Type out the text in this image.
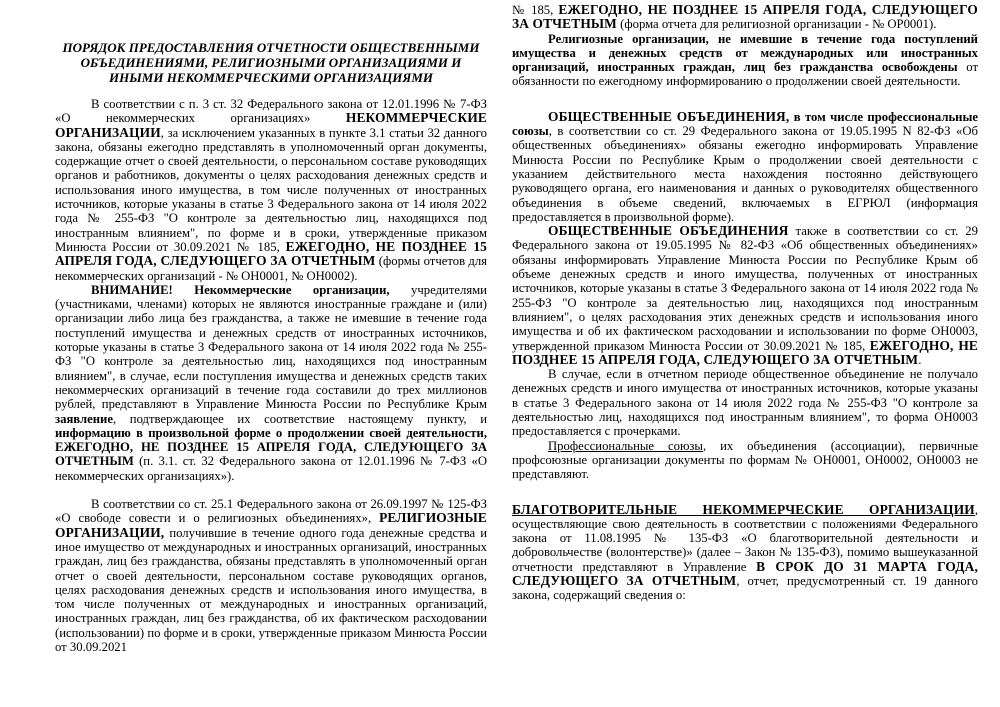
ПОРЯДОК ПРЕДОСТАВЛЕНИЯ ОТЧЕТНОСТИ ОБЩЕСТВЕННЫМИ ОБЪЕДИНЕНИЯМИ, РЕЛИГИОЗНЫМИ ОРГАНИЗАЦИЯМИ И ИНЫМИ НЕКОММЕРЧЕСКИМИ ОРГАНИЗАЦИЯМИ

В соответствии с п. 3 ст. 32 Федерального закона от 12.01.1996 № 7-ФЗ «О некоммерческих организациях» НЕКОММЕРЧЕСКИЕ ОРГАНИЗАЦИИ, за исключением указанных в пункте 3.1 статьи 32 данного закона, обязаны ежегодно представлять в уполномоченный орган документы, содержащие отчет о своей деятельности, о персональном составе руководящих органов и работников, документы о целях расходования денежных средств и использования иного имущества, в том числе полученных от иностранных источников, которые указаны в статье 3 Федерального закона от 14 июля 2022 года № 255-ФЗ "О контроле за деятельностью лиц, находящихся под иностранным влиянием", по форме и в сроки, утвержденные приказом Минюста России от 30.09.2021 № 185, ЕЖЕГОДНО, НЕ ПОЗДНЕЕ 15 АПРЕЛЯ ГОДА, СЛЕДУЮЩЕГО ЗА ОТЧЕТНЫМ (формы отчетов для некоммерческих организаций - № ОН0001, № ОН0002).

ВНИМАНИЕ! Некоммерческие организации, учредителями (участниками, членами) которых не являются иностранные граждане и (или) организации либо лица без гражданства, а также не имевшие в течение года поступлений имущества и денежных средств от иностранных источников, которые указаны в статье 3 Федерального закона от 14 июля 2022 года № 255-ФЗ "О контроле за деятельностью лиц, находящихся под иностранным влиянием", в случае, если поступления имущества и денежных средств таких некоммерческих организаций в течение года составили до трех миллионов рублей, представляют в Управление Минюста России по Республике Крым заявление, подтверждающее их соответствие настоящему пункту, и информацию в произвольной форме о продолжении своей деятельности, ЕЖЕГОДНО, НЕ ПОЗДНЕЕ 15 АПРЕЛЯ ГОДА, СЛЕДУЮЩЕГО ЗА ОТЧЕТНЫМ (п. 3.1. ст. 32 Федерального закона от 12.01.1996 № 7-ФЗ «О некоммерческих организациях»).

В соответствии со ст. 25.1 Федерального закона от 26.09.1997 № 125-ФЗ «О свободе совести и о религиозных объединениях», РЕЛИГИОЗНЫЕ ОРГАНИЗАЦИИ, получившие в течение одного года денежные средства и иное имущество от международных и иностранных организаций, иностранных граждан, лиц без гражданства, обязаны представлять в уполномоченный орган отчет о своей деятельности, персональном составе руководящих органов, целях расходования денежных средств и использования иного имущества, в том числе полученных от международных и иностранных организаций, иностранных граждан, лиц без гражданства, об их фактическом расходовании (использовании) по форме и в сроки, утвержденные приказом Минюста России от 30.09.2021

№ 185, ЕЖЕГОДНО, НЕ ПОЗДНЕЕ 15 АПРЕЛЯ ГОДА, СЛЕДУЮЩЕГО ЗА ОТЧЕТНЫМ (форма отчета для религиозной организации - № ОР0001).

Религиозные организации, не имевшие в течение года поступлений имущества и денежных средств от международных или иностранных организаций, иностранных граждан, лиц без гражданства освобождены от обязанности по ежегодному информированию о продолжении своей деятельности.

ОБЩЕСТВЕННЫЕ ОБЪЕДИНЕНИЯ, в том числе профессиональные союзы, в соответствии со ст. 29 Федерального закона от 19.05.1995 N 82-ФЗ «Об общественных объединениях» обязаны ежегодно информировать Управление Минюста России по Республике Крым о продолжении своей деятельности с указанием действительного места нахождения постоянно действующего руководящего органа, его наименования и данных о руководителях общественного объединения в объеме сведений, включаемых в ЕГРЮЛ (информация предоставляется в произвольной форме).

ОБЩЕСТВЕННЫЕ ОБЪЕДИНЕНИЯ также в соответствии со ст. 29 Федерального закона от 19.05.1995 № 82-ФЗ «Об общественных объединениях» обязаны информировать Управление Минюста России по Республике Крым об объеме денежных средств и иного имущества, полученных от иностранных источников, которые указаны в статье 3 Федерального закона от 14 июля 2022 года № 255-ФЗ "О контроле за деятельностью лиц, находящихся под иностранным влиянием", о целях расходования этих денежных средств и использования иного имущества и об их фактическом расходовании и использовании по форме ОН0003, утвержденной приказом Минюста России от 30.09.2021 № 185, ЕЖЕГОДНО, НЕ ПОЗДНЕЕ 15 АПРЕЛЯ ГОДА, СЛЕДУЮЩЕГО ЗА ОТЧЕТНЫМ.

В случае, если в отчетном периоде общественное объединение не получало денежных средств и иного имущества от иностранных источников, которые указаны в статье 3 Федерального закона от 14 июля 2022 года № 255-ФЗ "О контроле за деятельностью лиц, находящихся под иностранным влиянием", то форма ОН0003 предоставляется с прочерками.

Профессиональные союзы, их объединения (ассоциации), первичные профсоюзные организации документы по формам № ОН0001, ОН0002, ОН0003 не представляют.

БЛАГОТВОРИТЕЛЬНЫЕ НЕКОММЕРЧЕСКИЕ ОРГАНИЗАЦИИ, осуществляющие свою деятельность в соответствии с положениями Федерального закона от 11.08.1995 № 135-ФЗ «О благотворительной деятельности и добровольчестве (волонтерстве)» (далее – Закон № 135-ФЗ), помимо вышеуказанной отчетности представляют в Управление В СРОК ДО 31 МАРТА ГОДА, СЛЕДУЮЩЕГО ЗА ОТЧЕТНЫМ, отчет, предусмотренный ст. 19 данного закона, содержащий сведения о:
